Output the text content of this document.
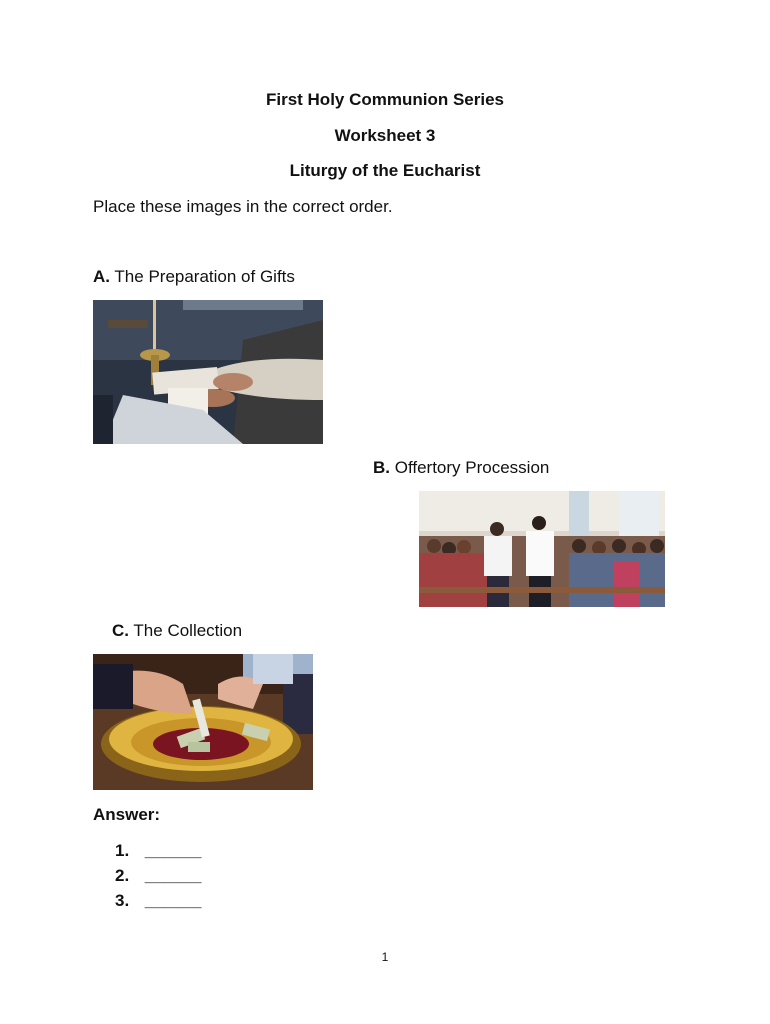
First Holy Communion Series
Worksheet 3
Liturgy of the Eucharist
Place these images in the correct order.
A. The Preparation of Gifts
B. Offertory Procession
C. The Collection
Answer:
1. ______
2. ______
3. ______
1
